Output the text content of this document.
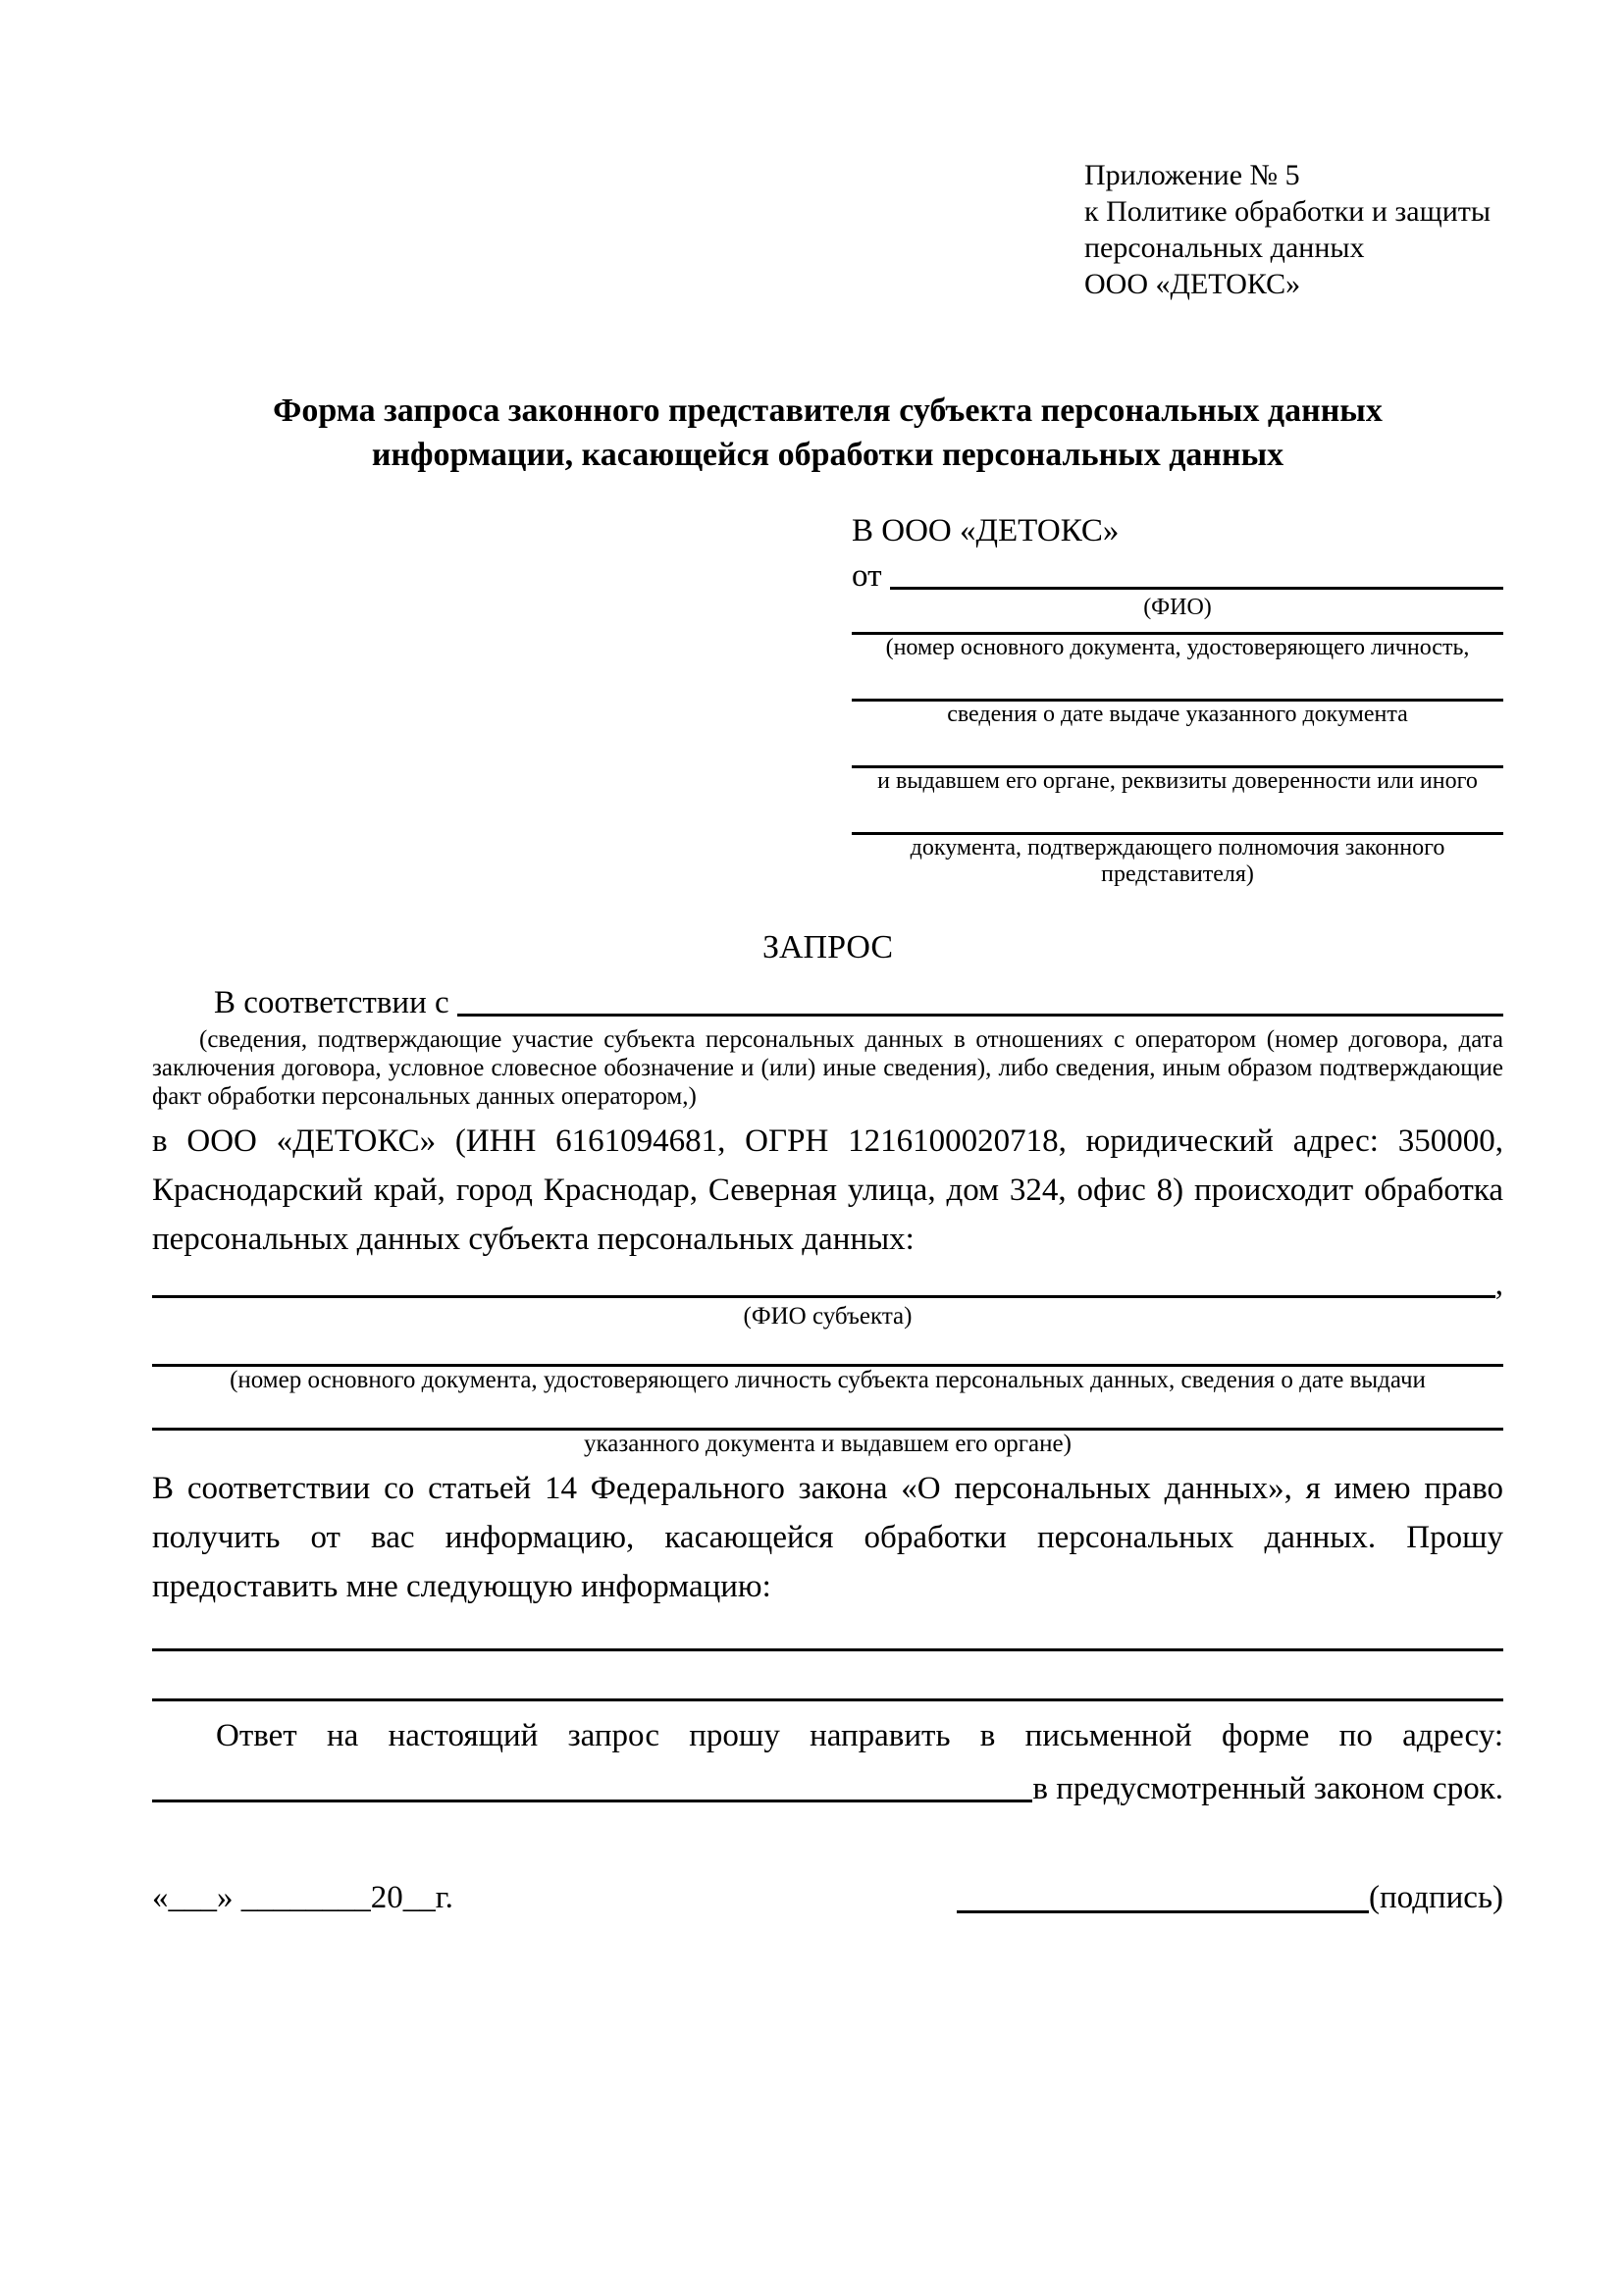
Приложение № 5
к Политике обработки и защиты
персональных данных
ООО «ДЕТОКС»
Форма запроса законного представителя субъекта персональных данных
информации, касающейся обработки персональных данных
В ООО «ДЕТОКС»
от
(ФИО)
(номер основного документа, удостоверяющего личность,
сведения о дате выдаче указанного документа
и выдавшем его органе, реквизиты доверенности или иного
документа, подтверждающего полномочия законного представителя)
ЗАПРОС
В соответствии с
(сведения, подтверждающие участие субъекта персональных данных в отношениях с оператором (номер договора, дата заключения договора, условное словесное обозначение и (или) иные сведения), либо сведения, иным образом подтверждающие факт обработки персональных данных оператором,)

в ООО «ДЕТОКС» (ИНН 6161094681, ОГРН 1216100020718, юридический адрес: 350000, Краснодарский край, город Краснодар, Северная улица, дом 324, офис 8) происходит обработка персональных данных субъекта персональных данных:

,
(ФИО субъекта)
(номер основного документа, удостоверяющего личность субъекта персональных данных, сведения о дате выдачи
указанного документа и выдавшем его органе)

В соответствии со статьей 14 Федерального закона «О персональных данных», я имею право получить от вас информацию, касающейся обработки персональных данных. Прошу предоставить мне следующую информацию:

Ответ на настоящий запрос прошу направить в письменной форме по адресу:

в предусмотренный законом срок.
«___» ________20__г.	(подпись)
